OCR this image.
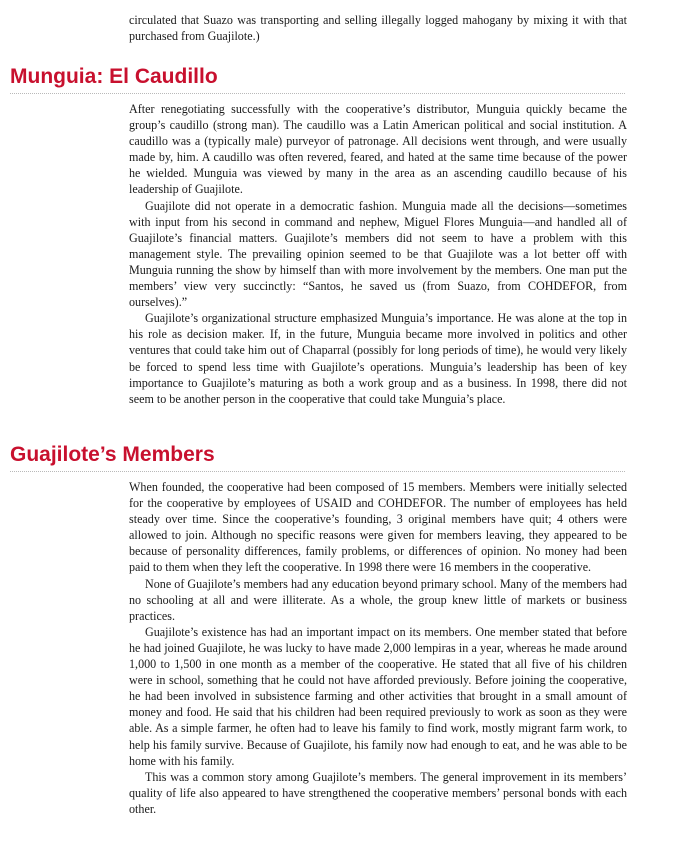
circulated that Suazo was transporting and selling illegally logged mahogany by mixing it with that purchased from Guajilote.)

Munguia: El Caudillo

After renegotiating successfully with the cooperative’s distributor, Munguia quickly became the group’s caudillo (strong man). The caudillo was a Latin American political and social institution. A caudillo was a (typically male) purveyor of patronage. All decisions went through, and were usually made by, him. A caudillo was often revered, feared, and hated at the same time because of the power he wielded. Munguia was viewed by many in the area as an ascending caudillo because of his leadership of Guajilote.

Guajilote did not operate in a democratic fashion. Munguia made all the decisions—sometimes with input from his second in command and nephew, Miguel Flores Munguia—and handled all of Guajilote’s financial matters. Guajilote’s members did not seem to have a problem with this management style. The prevailing opinion seemed to be that Guajilote was a lot better off with Munguia running the show by himself than with more involvement by the members. One man put the members’ view very succinctly: “Santos, he saved us (from Suazo, from COHDEFOR, from ourselves).”

Guajilote’s organizational structure emphasized Munguia’s importance. He was alone at the top in his role as decision maker. If, in the future, Munguia became more involved in politics and other ventures that could take him out of Chaparral (possibly for long periods of time), he would very likely be forced to spend less time with Guajilote’s operations. Munguia’s leadership has been of key importance to Guajilote’s maturing as both a work group and as a business. In 1998, there did not seem to be another person in the cooperative that could take Munguia’s place.

Guajilote’s Members

When founded, the cooperative had been composed of 15 members. Members were initially selected for the cooperative by employees of USAID and COHDEFOR. The number of employees has held steady over time. Since the cooperative’s founding, 3 original members have quit; 4 others were allowed to join. Although no specific reasons were given for members leaving, they appeared to be because of personality differences, family problems, or differences of opinion. No money had been paid to them when they left the cooperative. In 1998 there were 16 members in the cooperative.

None of Guajilote’s members had any education beyond primary school. Many of the members had no schooling at all and were illiterate. As a whole, the group knew little of markets or business practices.

Guajilote’s existence has had an important impact on its members. One member stated that before he had joined Guajilote, he was lucky to have made 2,000 lempiras in a year, whereas he made around 1,000 to 1,500 in one month as a member of the cooperative. He stated that all five of his children were in school, something that he could not have afforded previously. Before joining the cooperative, he had been involved in subsistence farming and other activities that brought in a small amount of money and food. He said that his children had been required previously to work as soon as they were able. As a simple farmer, he often had to leave his family to find work, mostly migrant farm work, to help his family survive. Because of Guajilote, his family now had enough to eat, and he was able to be home with his family.

This was a common story among Guajilote’s members. The general improvement in its members’ quality of life also appeared to have strengthened the cooperative members’ personal bonds with each other.
